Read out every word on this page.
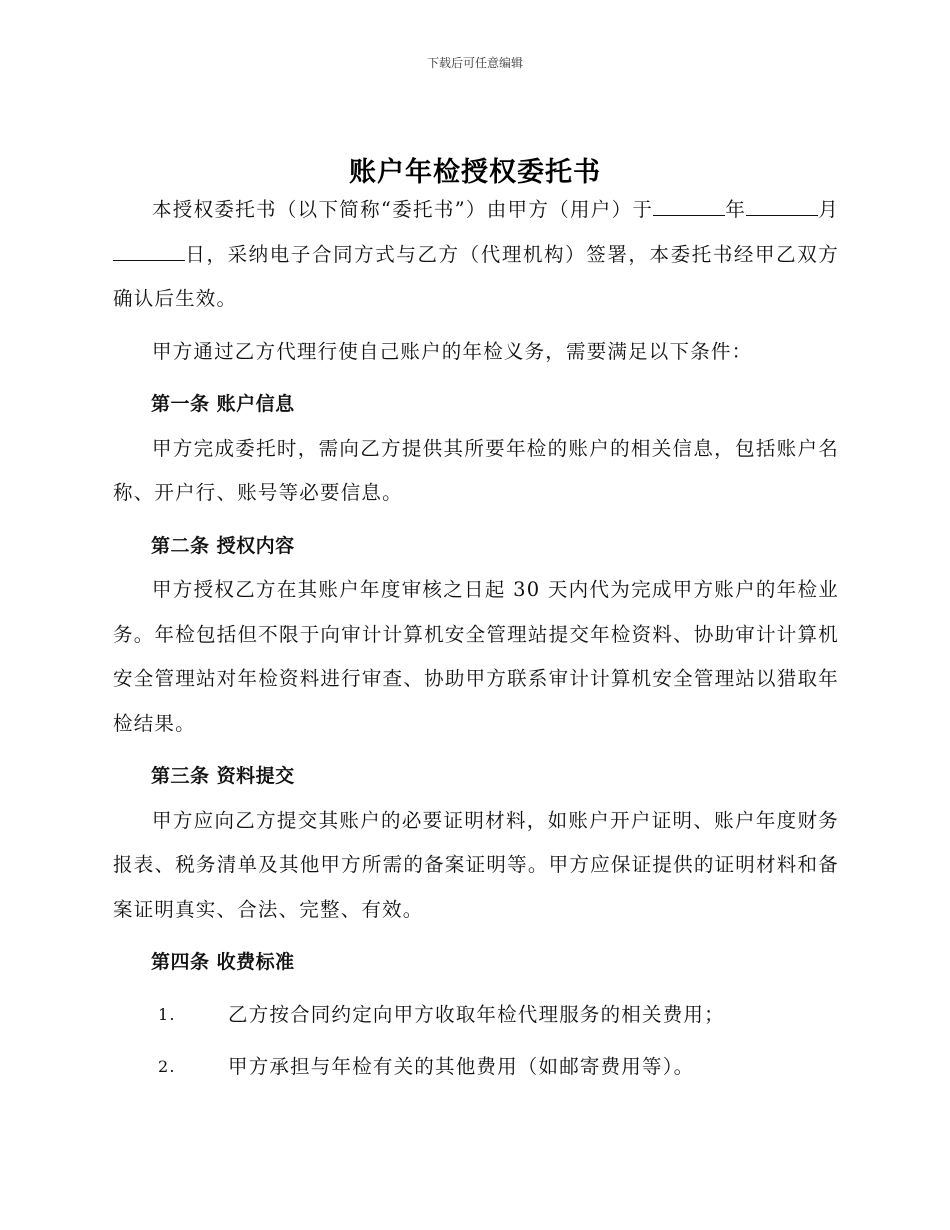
下载后可任意编辑
账户年检授权委托书

本授权委托书（以下简称“委托书”）由甲方（用户）于	年	月日，采纳电子合同方式与乙方（代理机构）签署，本委托书经甲乙双方确认后生效。

甲方通过乙方代理行使自己账户的年检义务，需要满足以下条件：

第一条 账户信息

甲方完成委托时，需向乙方提供其所要年检的账户的相关信息，包括账户名称、开户行、账号等必要信息。

第二条 授权内容

甲方授权乙方在其账户年度审核之日起 30 天内代为完成甲方账户的年检业务。年检包括但不限于向审计计算机安全管理站提交年检资料、协助审计计算机安全管理站对年检资料进行审查、协助甲方联系审计计算机安全管理站以猎取年检结果。

第三条 资料提交

甲方应向乙方提交其账户的必要证明材料，如账户开户证明、账户年度财务报表、税务清单及其他甲方所需的备案证明等。甲方应保证提供的证明材料和备案证明真实、合法、完整、有效。

第四条 收费标准
1.	乙方按合同约定向甲方收取年检代理服务的相关费用；
2.	甲方承担与年检有关的其他费用（如邮寄费用等）。
